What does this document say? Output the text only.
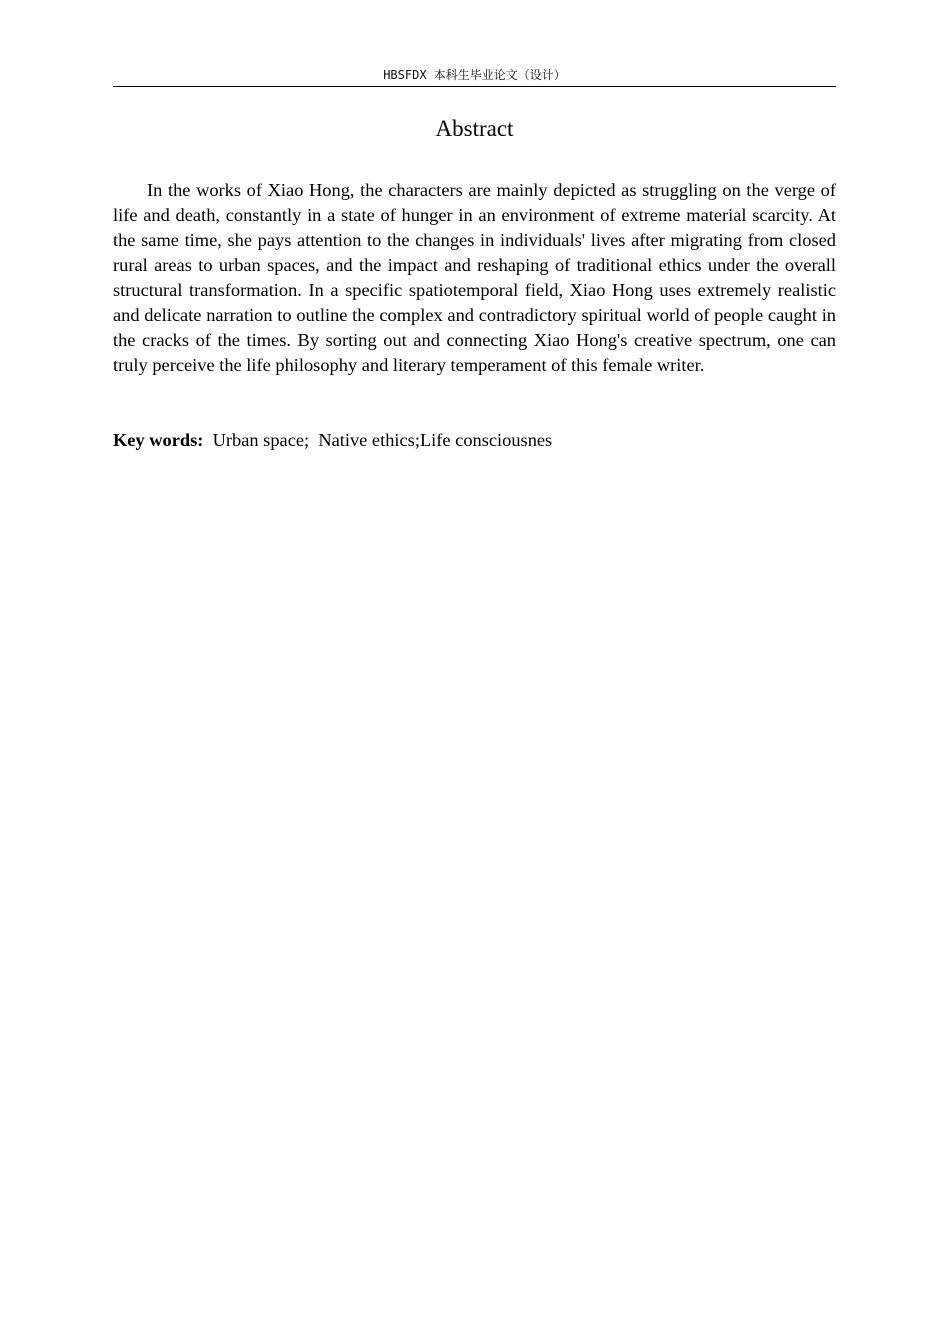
HBSFDX 本科生毕业论文（设计）
Abstract

In the works of Xiao Hong, the characters are mainly depicted as struggling on the verge of life and death, constantly in a state of hunger in an environment of extreme material scarcity. At the same time, she pays attention to the changes in individuals' lives after migrating from closed rural areas to urban spaces, and the impact and reshaping of traditional ethics under the overall structural transformation. In a specific spatiotemporal field, Xiao Hong uses extremely realistic and delicate narration to outline the complex and contradictory spiritual world of people caught in the cracks of the times. By sorting out and connecting Xiao Hong's creative spectrum, one can truly perceive the life philosophy and literary temperament of this female writer.

Key words:  Urban space;  Native ethics;Life consciousnes
